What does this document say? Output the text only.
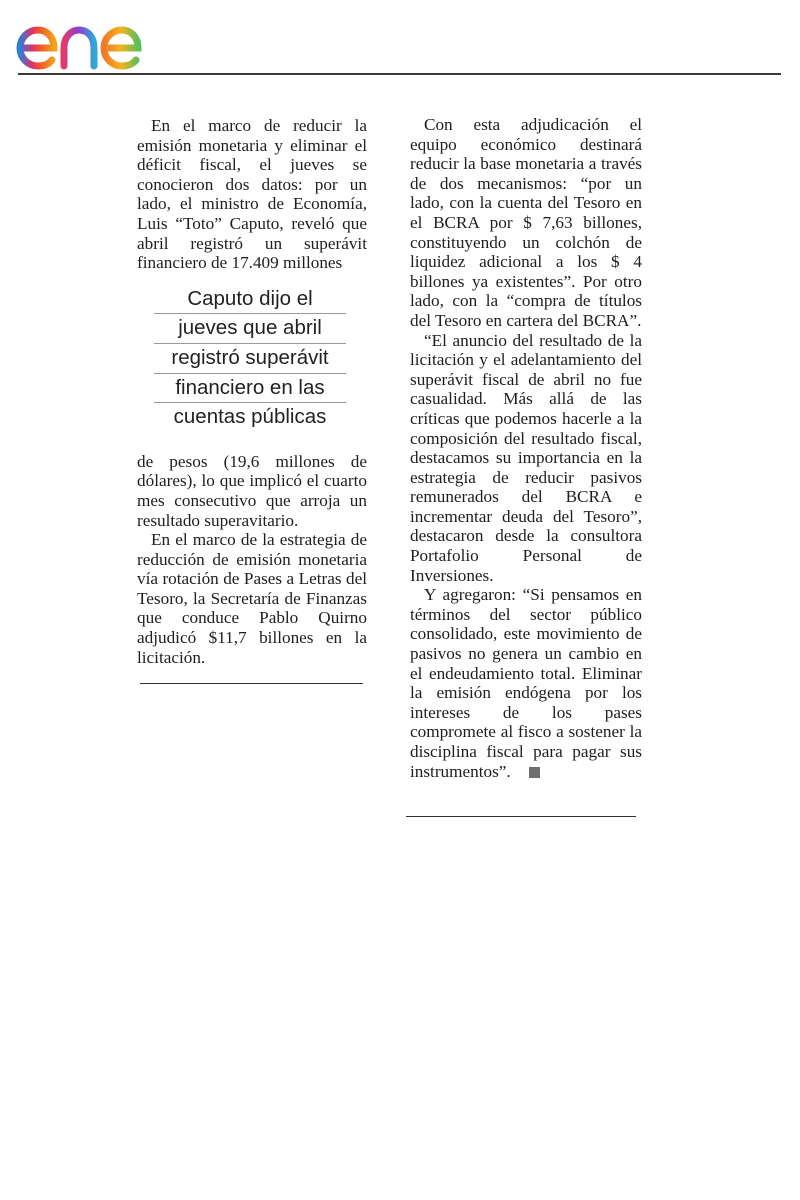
En el marco de reducir la emisión monetaria y eliminar el déficit fiscal, el jueves se conocieron dos datos: por un lado, el ministro de Economía, Luis “Toto” Caputo, reveló que abril registró un superávit financiero de 17.409 millones

Caputo dijo el
jueves que abril
registró superávit
financiero en las
cuentas públicas

de pesos (19,6 millones de dólares), lo que implicó el cuarto mes consecutivo que arroja un resultado superavitario.

En el marco de la estrategia de reducción de emisión monetaria vía rotación de Pases a Letras del Tesoro, la Secretaría de Finanzas que conduce Pablo Quirno adjudicó $11,7 billones en la licitación.

Con esta adjudicación el equipo económico destinará reducir la base monetaria a través de dos mecanismos: “por un lado, con la cuenta del Tesoro en el BCRA por $ 7,63 billones, constituyendo un colchón de liquidez adicional a los $ 4 billones ya existentes”. Por otro lado, con la “compra de títulos del Tesoro en cartera del BCRA”.

“El anuncio del resultado de la licitación y el adelantamiento del superávit fiscal de abril no fue casualidad. Más allá de las críticas que podemos hacerle a la composición del resultado fiscal, destacamos su importancia en la estrategia de reducir pasivos remunerados del BCRA e incrementar deuda del Tesoro”, destacaron desde la consultora Portafolio Personal de Inversiones.

Y agregaron: “Si pensamos en términos del sector público consolidado, este movimiento de pasivos no genera un cambio en el endeudamiento total. Eliminar la emisión endógena por los intereses de los pases compromete al fisco a sostener la disciplina fiscal para pagar sus instrumentos”.
